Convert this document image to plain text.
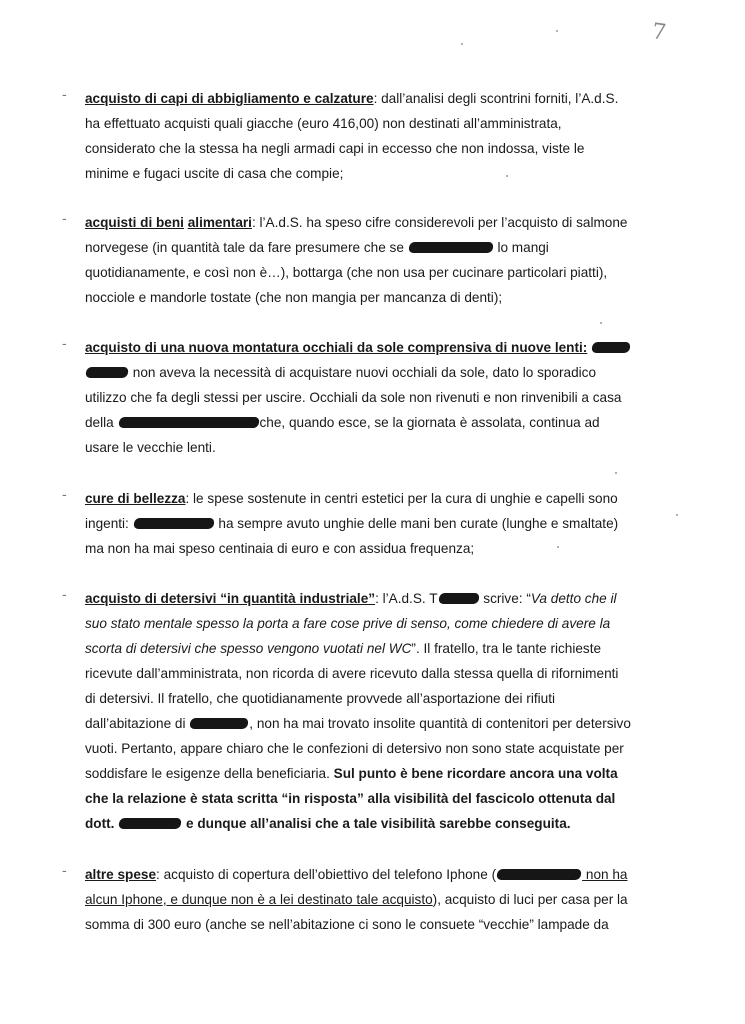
7
- acquisto di capi di abbigliamento e calzature: dall’analisi degli scontrini forniti, l’A.d.S.
ha effettuato acquisti quali giacche (euro 416,00) non destinati all’amministrata,
considerato che la stessa ha negli armadi capi in eccesso che non indossa, viste le
minime e fugaci uscite di casa che compie;
- acquisti di beni alimentari: l’A.d.S. ha speso cifre considerevoli per l’acquisto di salmone
norvegese (in quantità tale da fare presumere che se	lo mangi
quotidianamente, e così non è…), bottarga (che non usa per cucinare particolari piatti),
nocciole e mandorle tostate (che non mangia per mancanza di denti);
- acquisto di una nuova montatura occhiali da sole comprensiva di nuove lenti:
non aveva la necessità di acquistare nuovi occhiali da sole, dato lo sporadico
utilizzo che fa degli stessi per uscire. Occhiali da sole non rivenuti e non rinvenibili a casa
della	che, quando esce, se la giornata è assolata, continua ad
usare le vecchie lenti.
- cure di bellezza: le spese sostenute in centri estetici per la cura di unghie e capelli sono
ingenti:	ha sempre avuto unghie delle mani ben curate (lunghe e smaltate)
ma non ha mai speso centinaia di euro e con assidua frequenza;
- acquisto di detersivi “in quantità industriale”: l’A.d.S. T	scrive: “Va detto che il
suo stato mentale spesso la porta a fare cose prive di senso, come chiedere di avere la
scorta di detersivi che spesso vengono vuotati nel WC”. Il fratello, tra le tante richieste
ricevute dall’amministrata, non ricorda di avere ricevuto dalla stessa quella di rifornimenti
di detersivi. Il fratello, che quotidianamente provvede all’asportazione dei rifiuti
dall’abitazione di	, non ha mai trovato insolite quantità di contenitori per detersivo
vuoti. Pertanto, appare chiaro che le confezioni di detersivo non sono state acquistate per
soddisfare le esigenze della beneficiaria. Sul punto è bene ricordare ancora una volta
che la relazione è stata scritta “in risposta” alla visibilità del fascicolo ottenuta dal
dott.	e dunque all’analisi che a tale visibilità sarebbe conseguita.
- altre spese: acquisto di copertura dell’obiettivo del telefono Iphone (	non ha
alcun Iphone, e dunque non è a lei destinato tale acquisto), acquisto di luci per casa per la
somma di 300 euro (anche se nell’abitazione ci sono le consuete “vecchie” lampade da
